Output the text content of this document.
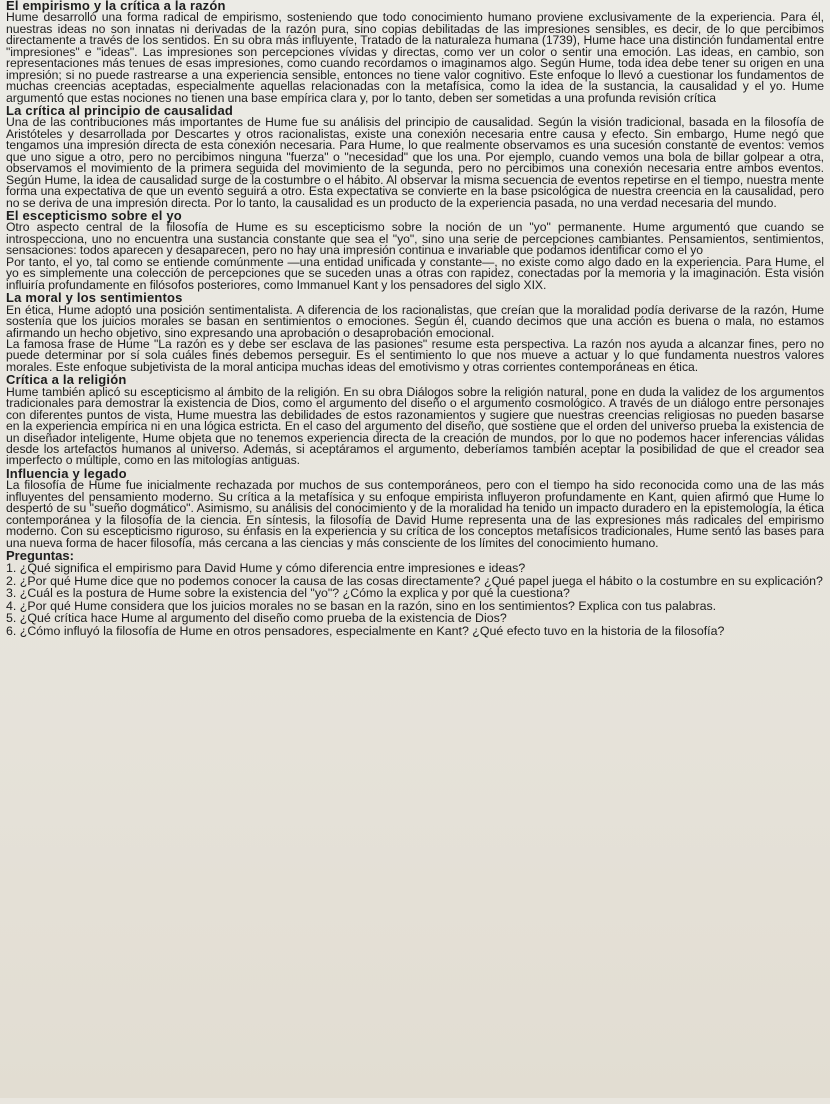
El empirismo y la crítica a la razón

Hume desarrolló una forma radical de empirismo, sosteniendo que todo conocimiento humano proviene exclusivamente de la experiencia. Para él, nuestras ideas no son innatas ni derivadas de la razón pura, sino copias debilitadas de las impresiones sensibles, es decir, de lo que percibimos directamente a través de los sentidos. En su obra más influyente, Tratado de la naturaleza humana (1739), Hume hace una distinción fundamental entre "impresiones" e "ideas". Las impresiones son percepciones vívidas y directas, como ver un color o sentir una emoción. Las ideas, en cambio, son representaciones más tenues de esas impresiones, como cuando recordamos o imaginamos algo. Según Hume, toda idea debe tener su origen en una impresión; si no puede rastrearse a una experiencia sensible, entonces no tiene valor cognitivo. Este enfoque lo llevó a cuestionar los fundamentos de muchas creencias aceptadas, especialmente aquellas relacionadas con la metafísica, como la idea de la sustancia, la causalidad y el yo. Hume argumentó que estas nociones no tienen una base empírica clara y, por lo tanto, deben ser sometidas a una profunda revisión crítica

La crítica al principio de causalidad

Una de las contribuciones más importantes de Hume fue su análisis del principio de causalidad. Según la visión tradicional, basada en la filosofía de Aristóteles y desarrollada por Descartes y otros racionalistas, existe una conexión necesaria entre causa y efecto. Sin embargo, Hume negó que tengamos una impresión directa de esta conexión necesaria. Para Hume, lo que realmente observamos es una sucesión constante de eventos: vemos que uno sigue a otro, pero no percibimos ninguna "fuerza" o "necesidad" que los una. Por ejemplo, cuando vemos una bola de billar golpear a otra, observamos el movimiento de la primera seguida del movimiento de la segunda, pero no percibimos una conexión necesaria entre ambos eventos. Según Hume, la idea de causalidad surge de la costumbre o el hábito. Al observar la misma secuencia de eventos repetirse en el tiempo, nuestra mente forma una expectativa de que un evento seguirá a otro. Esta expectativa se convierte en la base psicológica de nuestra creencia en la causalidad, pero no se deriva de una impresión directa. Por lo tanto, la causalidad es un producto de la experiencia pasada, no una verdad necesaria del mundo.

El escepticismo sobre el yo

Otro aspecto central de la filosofía de Hume es su escepticismo sobre la noción de un "yo" permanente. Hume argumentó que cuando se introspecciona, uno no encuentra una sustancia constante que sea el "yo", sino una serie de percepciones cambiantes. Pensamientos, sentimientos, sensaciones: todos aparecen y desaparecen, pero no hay una impresión continua e invariable que podamos identificar como el yo

Por tanto, el yo, tal como se entiende comúnmente —una entidad unificada y constante—, no existe como algo dado en la experiencia. Para Hume, el yo es simplemente una colección de percepciones que se suceden unas a otras con rapidez, conectadas por la memoria y la imaginación. Esta visión influiría profundamente en filósofos posteriores, como Immanuel Kant y los pensadores del siglo XIX.

La moral y los sentimientos

En ética, Hume adoptó una posición sentimentalista. A diferencia de los racionalistas, que creían que la moralidad podía derivarse de la razón, Hume sostenía que los juicios morales se basan en sentimientos o emociones. Según él, cuando decimos que una acción es buena o mala, no estamos afirmando un hecho objetivo, sino expresando una aprobación o desaprobación emocional.

La famosa frase de Hume "La razón es y debe ser esclava de las pasiones" resume esta perspectiva. La razón nos ayuda a alcanzar fines, pero no puede determinar por sí sola cuáles fines debemos perseguir. Es el sentimiento lo que nos mueve a actuar y lo que fundamenta nuestros valores morales. Este enfoque subjetivista de la moral anticipa muchas ideas del emotivismo y otras corrientes contemporáneas en ética.

Crítica a la religión

Hume también aplicó su escepticismo al ámbito de la religión. En su obra Diálogos sobre la religión natural, pone en duda la validez de los argumentos tradicionales para demostrar la existencia de Dios, como el argumento del diseño o el argumento cosmológico. A través de un diálogo entre personajes con diferentes puntos de vista, Hume muestra las debilidades de estos razonamientos y sugiere que nuestras creencias religiosas no pueden basarse en la experiencia empírica ni en una lógica estricta. En el caso del argumento del diseño, que sostiene que el orden del universo prueba la existencia de un diseñador inteligente, Hume objeta que no tenemos experiencia directa de la creación de mundos, por lo que no podemos hacer inferencias válidas desde los artefactos humanos al universo. Además, si aceptáramos el argumento, deberíamos también aceptar la posibilidad de que el creador sea imperfecto o múltiple, como en las mitologías antiguas.

Influencia y legado

La filosofía de Hume fue inicialmente rechazada por muchos de sus contemporáneos, pero con el tiempo ha sido reconocida como una de las más influyentes del pensamiento moderno. Su crítica a la metafísica y su enfoque empirista influyeron profundamente en Kant, quien afirmó que Hume lo despertó de su "sueño dogmático". Asimismo, su análisis del conocimiento y de la moralidad ha tenido un impacto duradero en la epistemología, la ética contemporánea y la filosofía de la ciencia. En síntesis, la filosofía de David Hume representa una de las expresiones más radicales del empirismo moderno. Con su escepticismo riguroso, su énfasis en la experiencia y su crítica de los conceptos metafísicos tradicionales, Hume sentó las bases para una nueva forma de hacer filosofía, más cercana a las ciencias y más consciente de los límites del conocimiento humano.

Preguntas:
1. ¿Qué significa el empirismo para David Hume y cómo diferencia entre impresiones e ideas?
2. ¿Por qué Hume dice que no podemos conocer la causa de las cosas directamente? ¿Qué papel juega el hábito o la costumbre en su explicación?
3. ¿Cuál es la postura de Hume sobre la existencia del "yo"? ¿Cómo la explica y por qué la cuestiona?
4. ¿Por qué Hume considera que los juicios morales no se basan en la razón, sino en los sentimientos? Explica con tus palabras.
5. ¿Qué crítica hace Hume al argumento del diseño como prueba de la existencia de Dios?
6. ¿Cómo influyó la filosofía de Hume en otros pensadores, especialmente en Kant? ¿Qué efecto tuvo en la historia de la filosofía?
